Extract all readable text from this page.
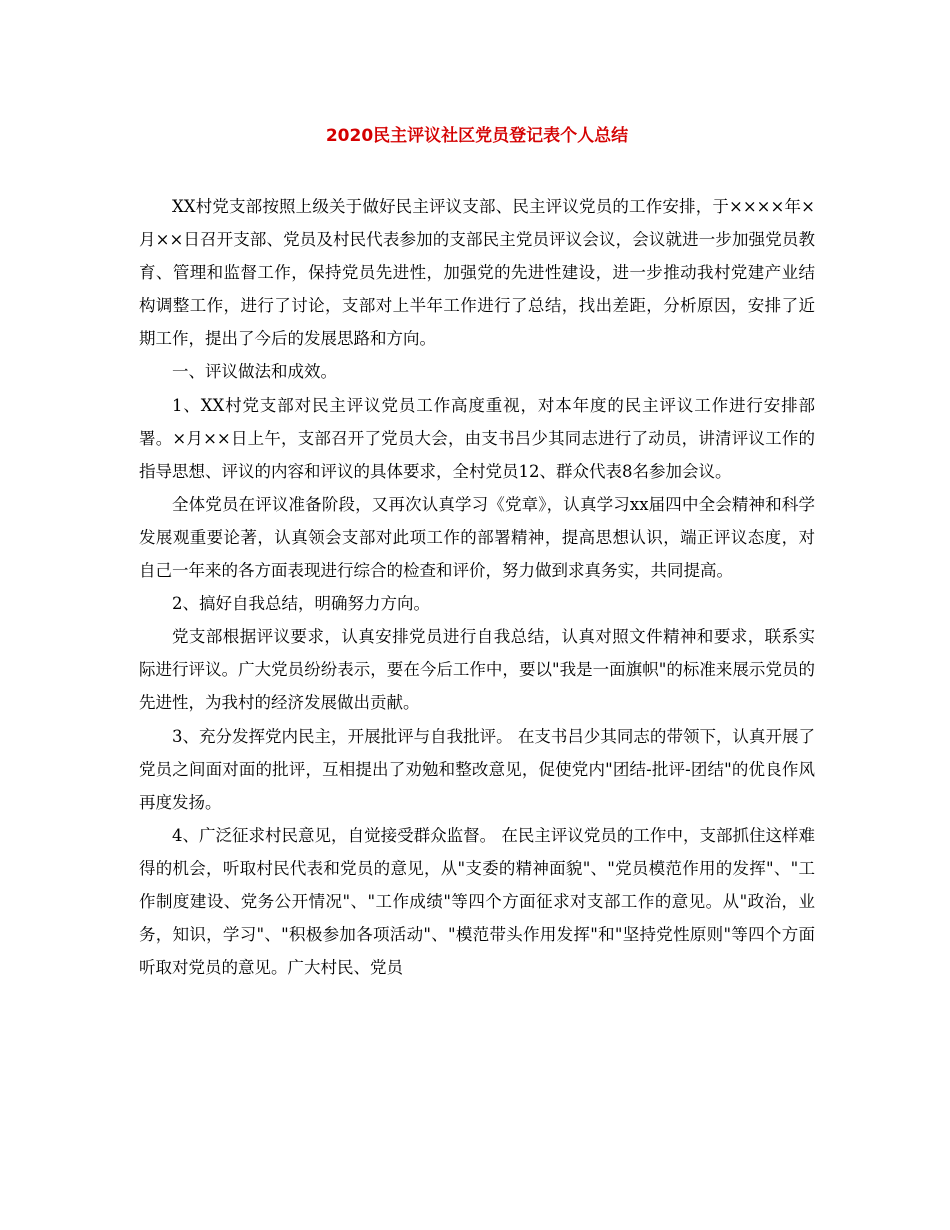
2020民主评议社区党员登记表个人总结

XX村党支部按照上级关于做好民主评议支部、民主评议党员的工作安排，于××××年×月××日召开支部、党员及村民代表参加的支部民主党员评议会议，会议就进一步加强党员教育、管理和监督工作，保持党员先进性，加强党的先进性建设，进一步推动我村党建产业结构调整工作，进行了讨论，支部对上半年工作进行了总结，找出差距，分析原因，安排了近期工作，提出了今后的发展思路和方向。

一、评议做法和成效。

1、XX村党支部对民主评议党员工作高度重视，对本年度的民主评议工作进行安排部署。×月××日上午，支部召开了党员大会，由支书吕少其同志进行了动员，讲清评议工作的指导思想、评议的内容和评议的具体要求，全村党员12、群众代表8名参加会议。

全体党员在评议准备阶段，又再次认真学习《党章》，认真学习xx届四中全会精神和科学发展观重要论著，认真领会支部对此项工作的部署精神，提高思想认识，端正评议态度，对自己一年来的各方面表现进行综合的检查和评价，努力做到求真务实，共同提高。

2、搞好自我总结，明确努力方向。

党支部根据评议要求，认真安排党员进行自我总结，认真对照文件精神和要求，联系实际进行评议。广大党员纷纷表示，要在今后工作中，要以"我是一面旗帜"的标准来展示党员的先进性，为我村的经济发展做出贡献。

3、充分发挥党内民主，开展批评与自我批评。 在支书吕少其同志的带领下，认真开展了党员之间面对面的批评，互相提出了劝勉和整改意见，促使党内"团结-批评-团结"的优良作风再度发扬。

4、广泛征求村民意见，自觉接受群众监督。 在民主评议党员的工作中，支部抓住这样难得的机会，听取村民代表和党员的意见，从"支委的精神面貌"、"党员模范作用的发挥"、"工作制度建设、党务公开情况"、"工作成绩"等四个方面征求对支部工作的意见。从"政治，业务，知识，学习"、"积极参加各项活动"、"模范带头作用发挥"和"坚持党性原则"等四个方面听取对党员的意见。广大村民、党员
